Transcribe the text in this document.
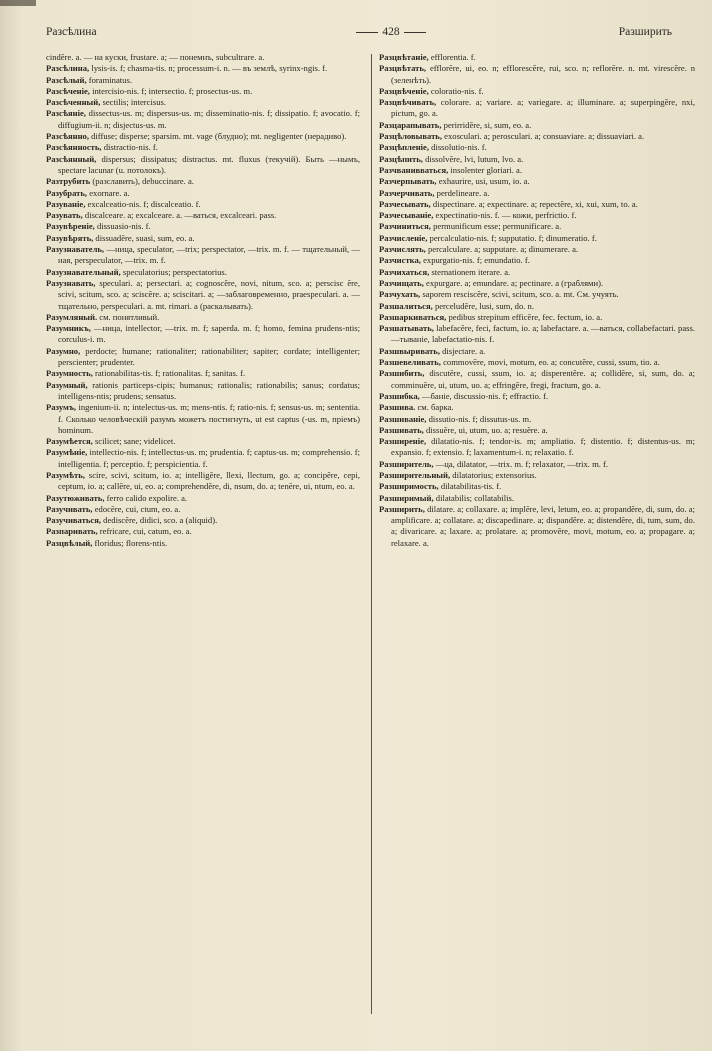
Разсѣлина	428	Разширить

cindĕre. a. — на куски, frustare. a; — понемнъ, subcultrare. a.

Разсѣлина, lysis-is. f; chasma-tis. n; processum-i. n. — въ землѣ, syrinx-ngis. f.

Разсѣлый, foraminatus.

Разсѣченіе, intercisio-nis. f; intersectio. f; prosectus-us. m.

Разсѣченный, sectilis; intercisus.

Разсѣяніе, dissectus-us. m; dispersus-us. m; disseminatio-nis. f; dissipatio. f; avocatio. f; diffugium-ii. n; disjectus-us. m.

Разсѣянно, diffuse; disperse; sparsim. mt. vage (блудно); mt. negligenter (нерадиво).

Разсѣянность, distractio-nis. f.

Разсѣянный, dispersus; dissipatus; distractus. mt. fluxus (текучій). Быть —нымъ, spectare lacunar (u. потолокъ).

Разтрубить (разславить), debuccinare. a.

Разубрать, exornare. a.

Разуваніе, excalceatio-nis. f; discalceatio. f.

Разувать, discalceare. a; excalceare. a. —ваться, excalceari. pass.

Разувѣреніе, dissuasio-nis. f.

Разувѣрять, dissuadēre, suasi, sum, eo. a.

Разузнаватель, —ница, speculator, —trix; perspectator, —trix. m. f. — тщательный, —ная, perspeculator, —trix. m. f.

Разузнавательный, speculatorius; perspectatorius.

Разузнавать, speculari. a; persectari. a; cognoscĕre, novi, nitum, sco. a; perscisc ĕre, scivi, scitum, sco. a; sciscĕre. a; sciscitari. a; —заблаговременно, praespeculari. a. — тщательно, perspeculari. a. mt. rimari. a (раскалывать).

Разумляный. см. понятливый.

Разумникъ, —ница, intellector, —trix. m. f; saperda. m. f; homo, femina prudens-ntis; corculus-i. m.

Разумно, perdocte; humane; rationaliter; rationabiliter; sapiter; cordate; intelligenter; perscienter; prudenter.

Разумность, rationabilitas-tis. f; rationalitas. f; sanitas. f.

Разумный, rationis particeps-cipis; humanus; rationalis; rationabilis; sanus; cordatus; intelligens-ntis; prudens; sensatus.

Разумъ, ingenium-ii. n; intelectus-us. m; mens-ntis. f; ratio-nis. f; sensus-us. m; sententia. f. Сколько человѣческій разумъ можетъ постигнуть, ut est captus (-us. m, пріемъ) hominum.

Разумѣется, scilicet; sane; videlicet.

Разумѣніе, intellectio-nis. f; intellectus-us. m; prudentia. f; captus-us. m; comprehensio. f; intelligentia. f; perceptio. f; perspicientia. f.

Разумѣть, scire, scivi, scitum, io. a; intelligĕre, llexi, llectum, go. a; concipĕre, cepi, ceptum, io. a; callēre, ui, eo. a; comprehendĕre, di, nsum, do. a; tenēre, ui, ntum, eo. a.

Разутюживать, ferro calido expolire. a.

Разучивать, edocēre, cui, ctum, eo. a.

Разучиваться, dediscĕre, didici, sco. a (aliquid).

Разпаривать, refricare, cui, catum, eo. a.

Разцвѣлый, floridus; florens-ntis.

Разцвѣтаніе, efflorentia. f.

Разцвѣтать, efflorēre, ui, eo. n; efflorescĕre, rui, sco. n; reflorēre. n. mt. virescĕre. n (зеленѣть).

Разцвѣченіе, coloratio-nis. f.

Разцвѣчивать, colorare. a; variare. a; variegare. a; illuminare. a; superpingĕre, nxi, pictum, go. a.

Разцарапывать, perirridĕre, si, sum, eo. a.

Разцѣловывать, exosculari. a; perosculari. a; consuaviare. a; dissuaviari. a.

Разцѣпленіе, dissolutio-nis. f.

Разцѣпить, dissolvĕre, lvi, lutum, lvo. a.

Разчванивваться, insolenter gloriari. a.

Разчерпывать, exhaurire, usi, usum, io. a.

Разчерчивать, perdelineare. a.

Разчесывать, dispectinare. a; expectinare. a; repectĕre, xi, xui, xum, to. a.

Разчесываніе, expectinatio-nis. f. — кожи, perfrictio. f.

Разчиниться, permunificum esse; permunificare. a.

Разчисленіе, percalculatio-nis. f; supputatio. f; dinumeratio. f.

Разчислять, percalculare. a; supputare. a; dinumerare. a.

Разчистка, expurgatio-nis. f; emundatio. f.

Разчихаться, sternationem iterare. a.

Разчищать, expurgare. a; emundare. a; pectinare. a (граблями).

Разчухать, saporem resciscĕre, scivi, scitum, sco. a. mt. См. учуять.

Разшалиться, perceludĕre, lusi, sum, do. n.

Разшаркиваться, pedibus strepitum efficĕre, fec. fectum, io. a.

Разшатывать, labefacĕre, feci, factum, io. a; labefactare. a. —ваться, collabefactari. pass. —тываніе, labefactatio-nis. f.

Разшвыривать, disjectare. a.

Разшевеливать, commovēre, movi, motum, eo. a; concutĕre, cussi, ssum, tio. a.

Разшибить, discutĕre, cussi, ssum, io. a; disperentĕre. a; collidĕre, si, sum, do. a; comminuĕre, ui, utum, uo. a; effringĕre, fregi, fractum, go. a.

Разшибка, —баніе, discussio-nis. f; effractio. f.

Разшива. см. барка.

Разшиваніе, dissutio-nis. f; dissutus-us. m.

Разшивать, dissuĕre, ui, utum, uo. a; resuĕre. a.

Разширеніе, dilatatio-nis. f; tendor-is. m; ampliatio. f; distentio. f; distentus-us. m; expansio. f; extensio. f; laxamentum-i. n; relaxatio. f.

Разширитель, —ца, dilatator, —trix. m. f; relaxator, —trix. m. f.

Разширительный, dilatatorius; extensorius.

Разширимость, dilatabilitas-tis. f.

Разширимый, dilatabilis; collatabilis.

Разширить, dilatare. a; collaxare. a; implēre, levi, letum, eo. a; propandĕre, di, sum, do. a; amplificare. a; collatare. a; discapedinare. a; dispandĕre. a; distendĕre, di, tum, sum, do. a; divaricare. a; laxare. a; prolatare. a; promovēre, movi, motum, eo. a; propagare. a; relaxare. a.
